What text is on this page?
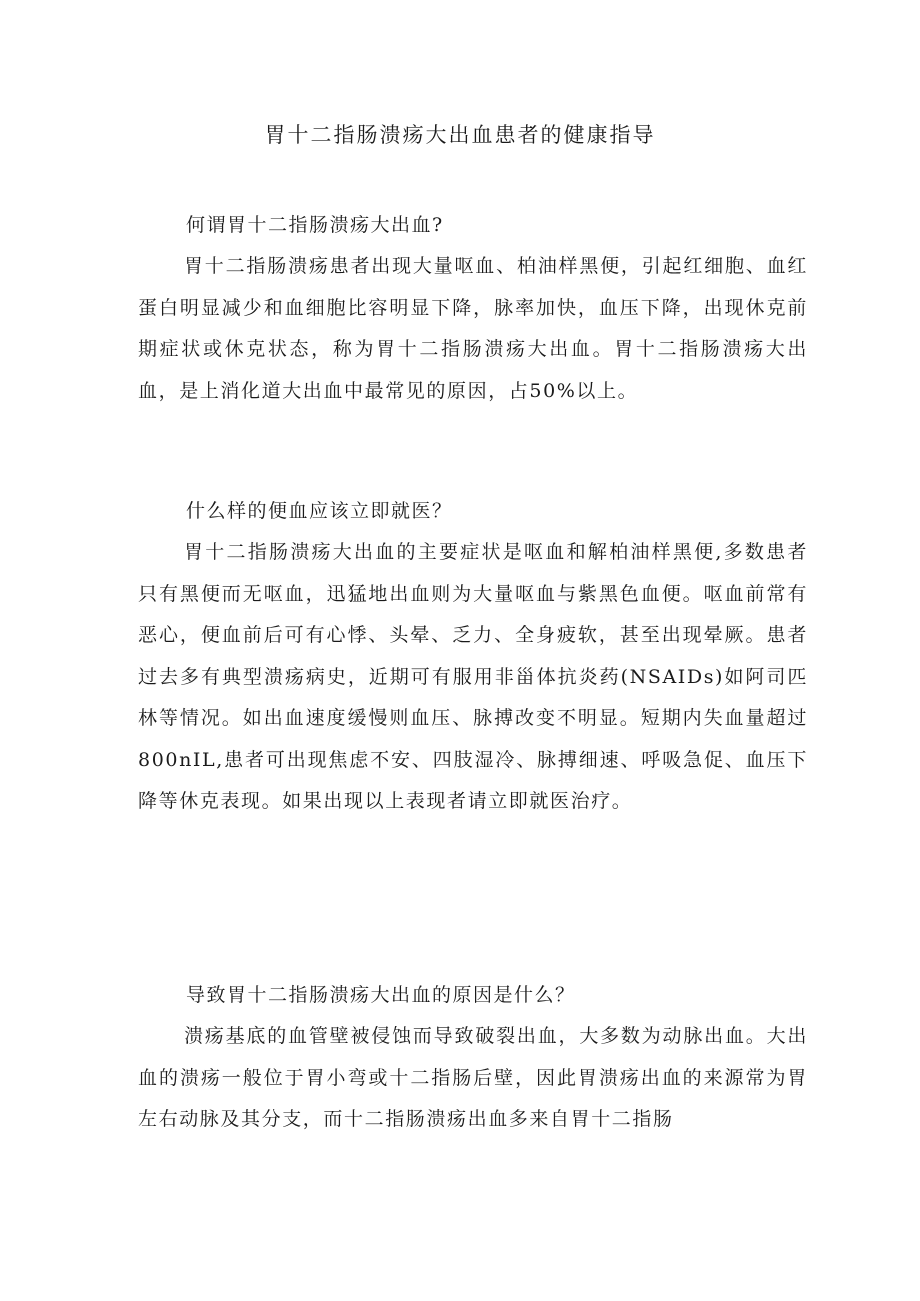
胃十二指肠溃疡大出血患者的健康指导
何谓胃十二指肠溃疡大出血?

胃十二指肠溃疡患者出现大量呕血、柏油样黑便，引起红细胞、血红蛋白明显减少和血细胞比容明显下降，脉率加快，血压下降，出现休克前期症状或休克状态，称为胃十二指肠溃疡大出血。胃十二指肠溃疡大出血，是上消化道大出血中最常见的原因，占50%以上。

什么样的便血应该立即就医？

胃十二指肠溃疡大出血的主要症状是呕血和解柏油样黑便,多数患者只有黑便而无呕血，迅猛地出血则为大量呕血与紫黑色血便。呕血前常有恶心，便血前后可有心悸、头晕、乏力、全身疲软，甚至出现晕厥。患者过去多有典型溃疡病史，近期可有服用非甾体抗炎药(NSAIDs)如阿司匹林等情况。如出血速度缓慢则血压、脉搏改变不明显。短期内失血量超过800nIL,患者可出现焦虑不安、四肢湿冷、脉搏细速、呼吸急促、血压下降等休克表现。如果出现以上表现者请立即就医治疗。

导致胃十二指肠溃疡大出血的原因是什么？

溃疡基底的血管壁被侵蚀而导致破裂出血，大多数为动脉出血。大出血的溃疡一般位于胃小弯或十二指肠后壁，因此胃溃疡出血的来源常为胃左右动脉及其分支，而十二指肠溃疡出血多来自胃十二指肠
